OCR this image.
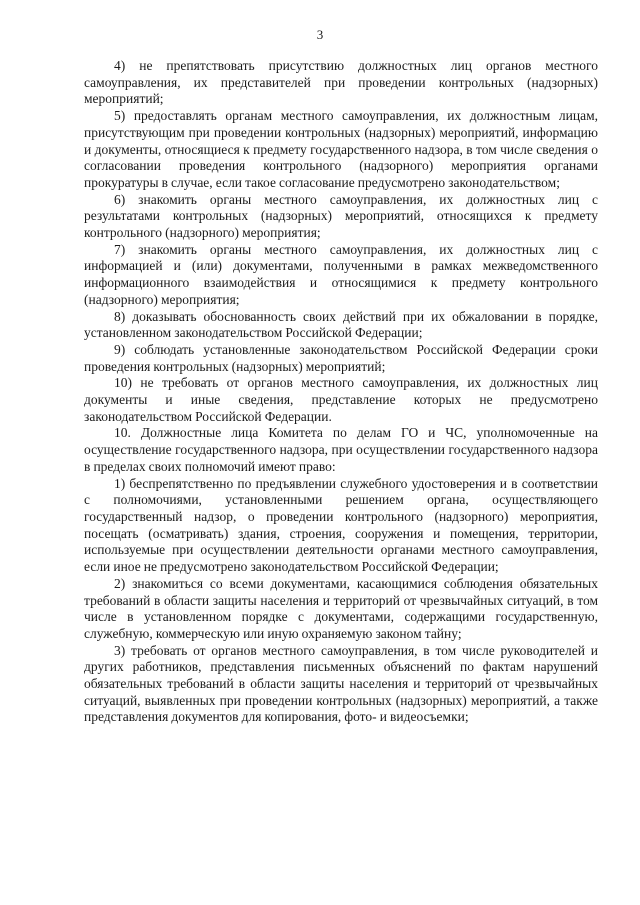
3

4) не препятствовать присутствию должностных лиц органов местного самоуправления, их представителей при проведении контрольных (надзорных) мероприятий;

5) предоставлять органам местного самоуправления, их должностным лицам, присутствующим при проведении контрольных (надзорных) мероприятий, информацию и документы, относящиеся к предмету государственного надзора, в том числе сведения о согласовании проведения контрольного (надзорного) мероприятия органами прокуратуры в случае, если такое согласование предусмотрено законодательством;

6) знакомить органы местного самоуправления, их должностных лиц с результатами контрольных (надзорных) мероприятий, относящихся к предмету контрольного (надзорного) мероприятия;

7) знакомить органы местного самоуправления, их должностных лиц с информацией и (или) документами, полученными в рамках межведомственного информационного взаимодействия и относящимися к предмету контрольного (надзорного) мероприятия;

8) доказывать обоснованность своих действий при их обжаловании в порядке, установленном законодательством Российской Федерации;

9) соблюдать установленные законодательством Российской Федерации сроки проведения контрольных (надзорных) мероприятий;

10) не требовать от органов местного самоуправления, их должностных лиц документы и иные сведения, представление которых не предусмотрено законодательством Российской Федерации.

10. Должностные лица Комитета по делам ГО и ЧС, уполномоченные на осуществление государственного надзора, при осуществлении государственного надзора в пределах своих полномочий имеют право:

1) беспрепятственно по предъявлении служебного удостоверения и в соответствии с полномочиями, установленными решением органа, осуществляющего государственный надзор, о проведении контрольного (надзорного) мероприятия, посещать (осматривать) здания, строения, сооружения и помещения, территории, используемые при осуществлении деятельности органами местного самоуправления, если иное не предусмотрено законодательством Российской Федерации;

2) знакомиться со всеми документами, касающимися соблюдения обязательных требований в области защиты населения и территорий от чрезвычайных ситуаций, в том числе в установленном порядке с документами, содержащими государственную, служебную, коммерческую или иную охраняемую законом тайну;

3) требовать от органов местного самоуправления, в том числе руководителей и других работников, представления письменных объяснений по фактам нарушений обязательных требований в области защиты населения и территорий от чрезвычайных ситуаций, выявленных при проведении контрольных (надзорных) мероприятий, а также представления документов для копирования, фото- и видеосъемки;
